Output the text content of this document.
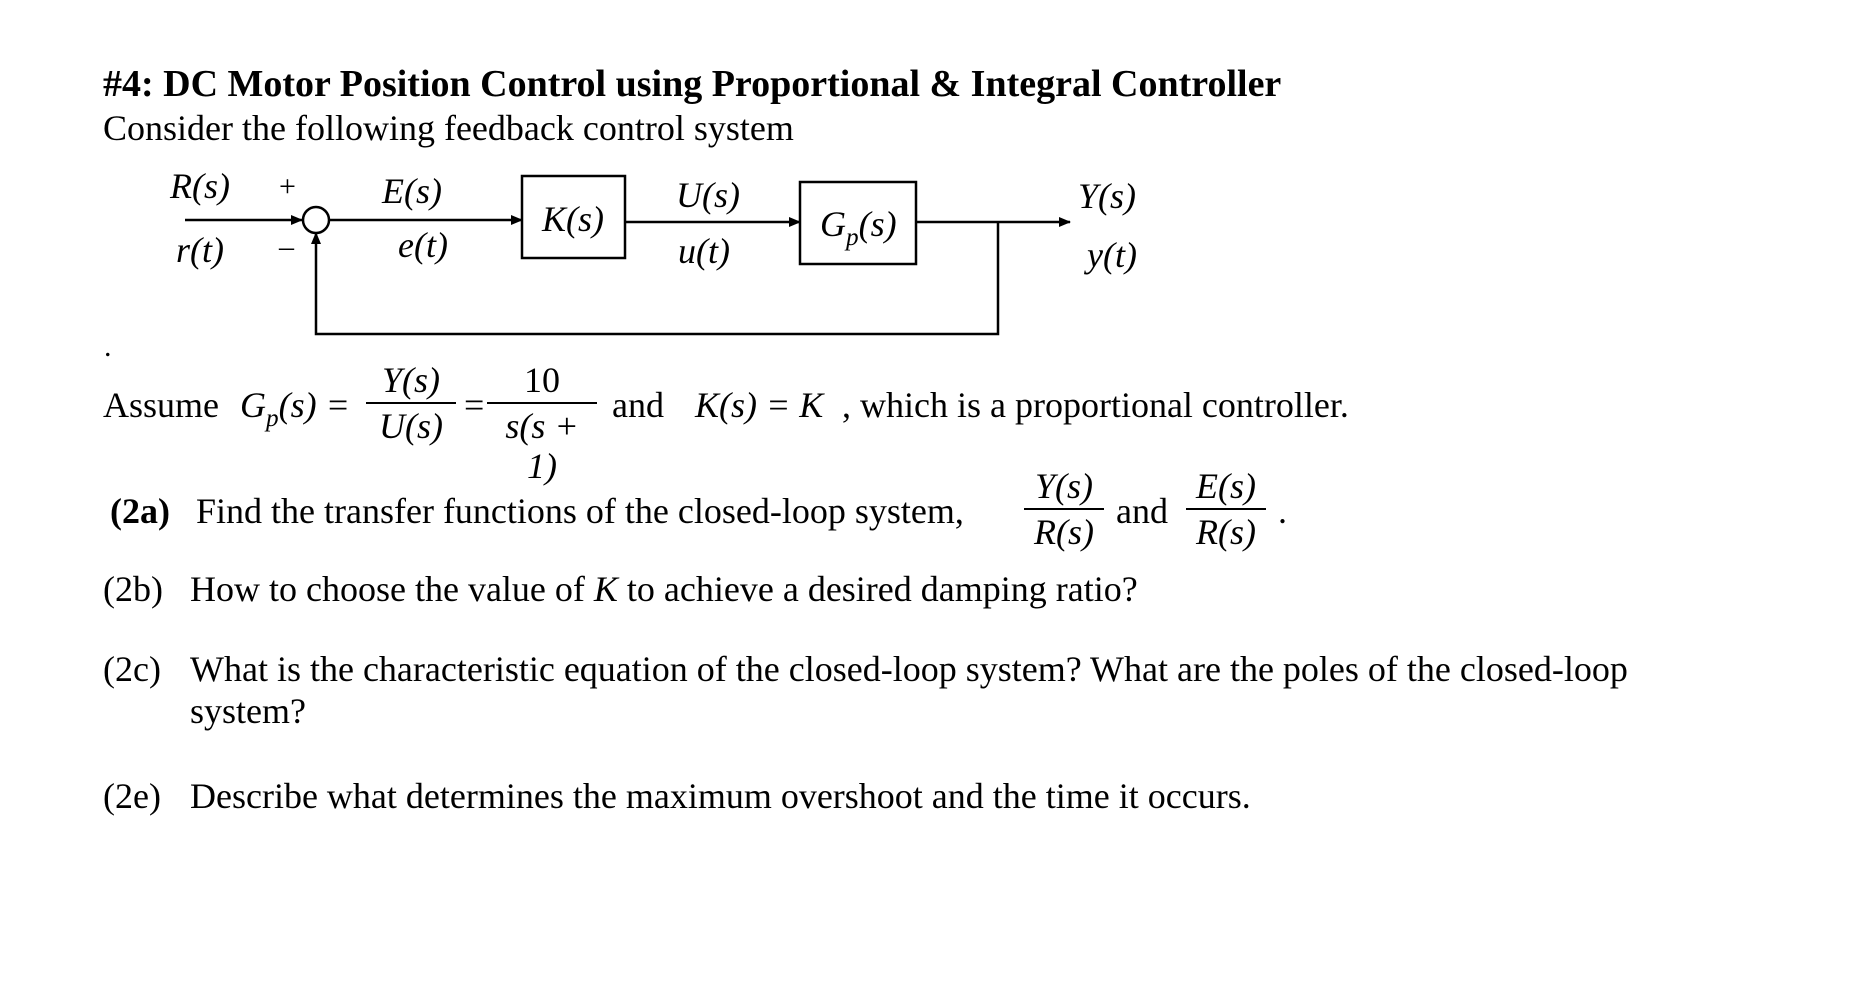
#4: DC Motor Position Control using Proportional & Integral Controller
Consider the following feedback control system
R(s) +
r(t) –
E(s)
e(t)
K(s)
U(s)
u(t)
$G_p(s)$
Y(s)
y(t)
.
Assume $G_p(s)$ =
Y(s)
U(s)
=
10
s(s + 1)
and K(s) = K , which is a proportional controller.
(2a) Find the transfer functions of the closed-loop system,
Y(s)
R(s)
and
E(s)
R(s)
.
(2b) How to choose the value of K to achieve a desired damping ratio?
(2c) What is the characteristic equation of the closed-loop system? What are the poles of the closed-loop
system?
(2e) Describe what determines the maximum overshoot and the time it occurs.
